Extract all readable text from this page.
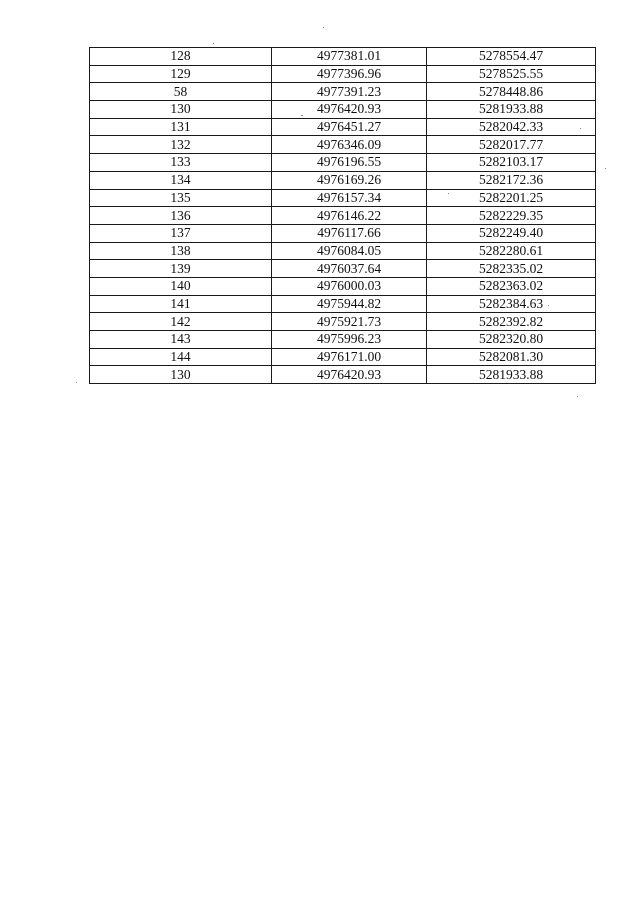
128	4977381.01	5278554.47
129	4977396.96	5278525.55
58	4977391.23	5278448.86
130	4976420.93	5281933.88
131	4976451.27	5282042.33
132	4976346.09	5282017.77
133	4976196.55	5282103.17
134	4976169.26	5282172.36
135	4976157.34	5282201.25
136	4976146.22	5282229.35
137	4976117.66	5282249.40
138	4976084.05	5282280.61
139	4976037.64	5282335.02
140	4976000.03	5282363.02
141	4975944.82	5282384.63
142	4975921.73	5282392.82
143	4975996.23	5282320.80
144	4976171.00	5282081.30
130	4976420.93	5281933.88
